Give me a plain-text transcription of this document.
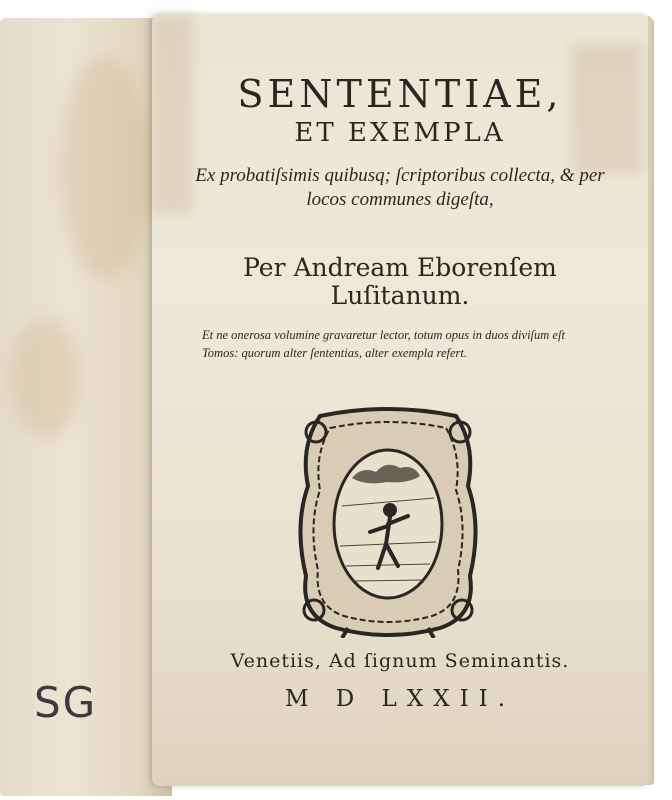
SG
SENTENTIAE,
ET EXEMPLA
Ex probatiſsimis quibusq; ſcriptoribus collecta, & per locos communes digeſta,
Per Andream Eborenſem Luſitanum.
Et ne onerosa volumine gravaretur lector, totum opus in duos diviſum eſt Tomos: quorum alter ſententias, alter exempla refert.
Venetiis, Ad ſignum Seminantis.
M D LXXII.
